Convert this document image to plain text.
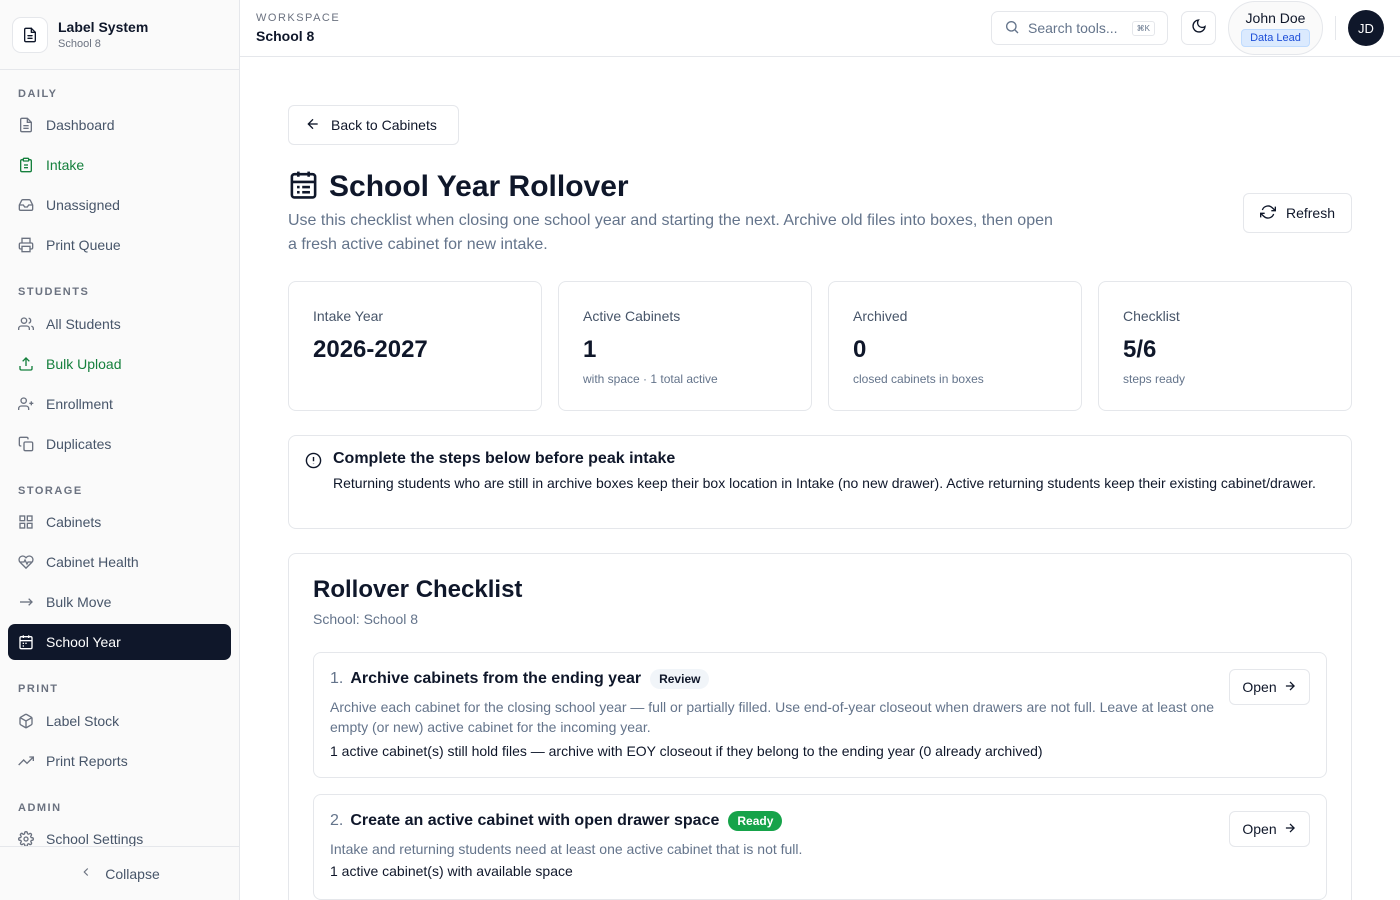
Label System
School 8
DAILY
Dashboard
Intake
Unassigned
Print Queue
STUDENTS
All Students
Bulk Upload
Enrollment
Duplicates
STORAGE
Cabinets
Cabinet Health
Bulk Move
School Year
PRINT
Label Stock
Print Reports
ADMIN
School Settings
Collapse
WORKSPACE
School 8	Search tools...	⌘K
John Doe
Data Lead
JD
Back to Cabinets
School Year Rollover

Use this checklist when closing one school year and starting the next. Archive old files into boxes, then open a fresh active cabinet for new intake.

Refresh
Intake Year
2026-2027
Active Cabinets
1
with space · 1 total active
Archived
0
closed cabinets in boxes
Checklist
5/6
steps ready
Complete the steps below before peak intake
Returning students who are still in archive boxes keep their box location in Intake (no new drawer). Active returning students keep their existing cabinet/drawer.
Rollover Checklist
School: School 8
1. Archive cabinets from the ending year	Review
Archive each cabinet for the closing school year — full or partially filled. Use end-of-year closeout when drawers are not full. Leave at least one empty (or new) active cabinet for the incoming year.
1 active cabinet(s) still hold files — archive with EOY closeout if they belong to the ending year (0 already archived)
Open
2. Create an active cabinet with open drawer space	Ready
Intake and returning students need at least one active cabinet that is not full.
1 active cabinet(s) with available space
Open
